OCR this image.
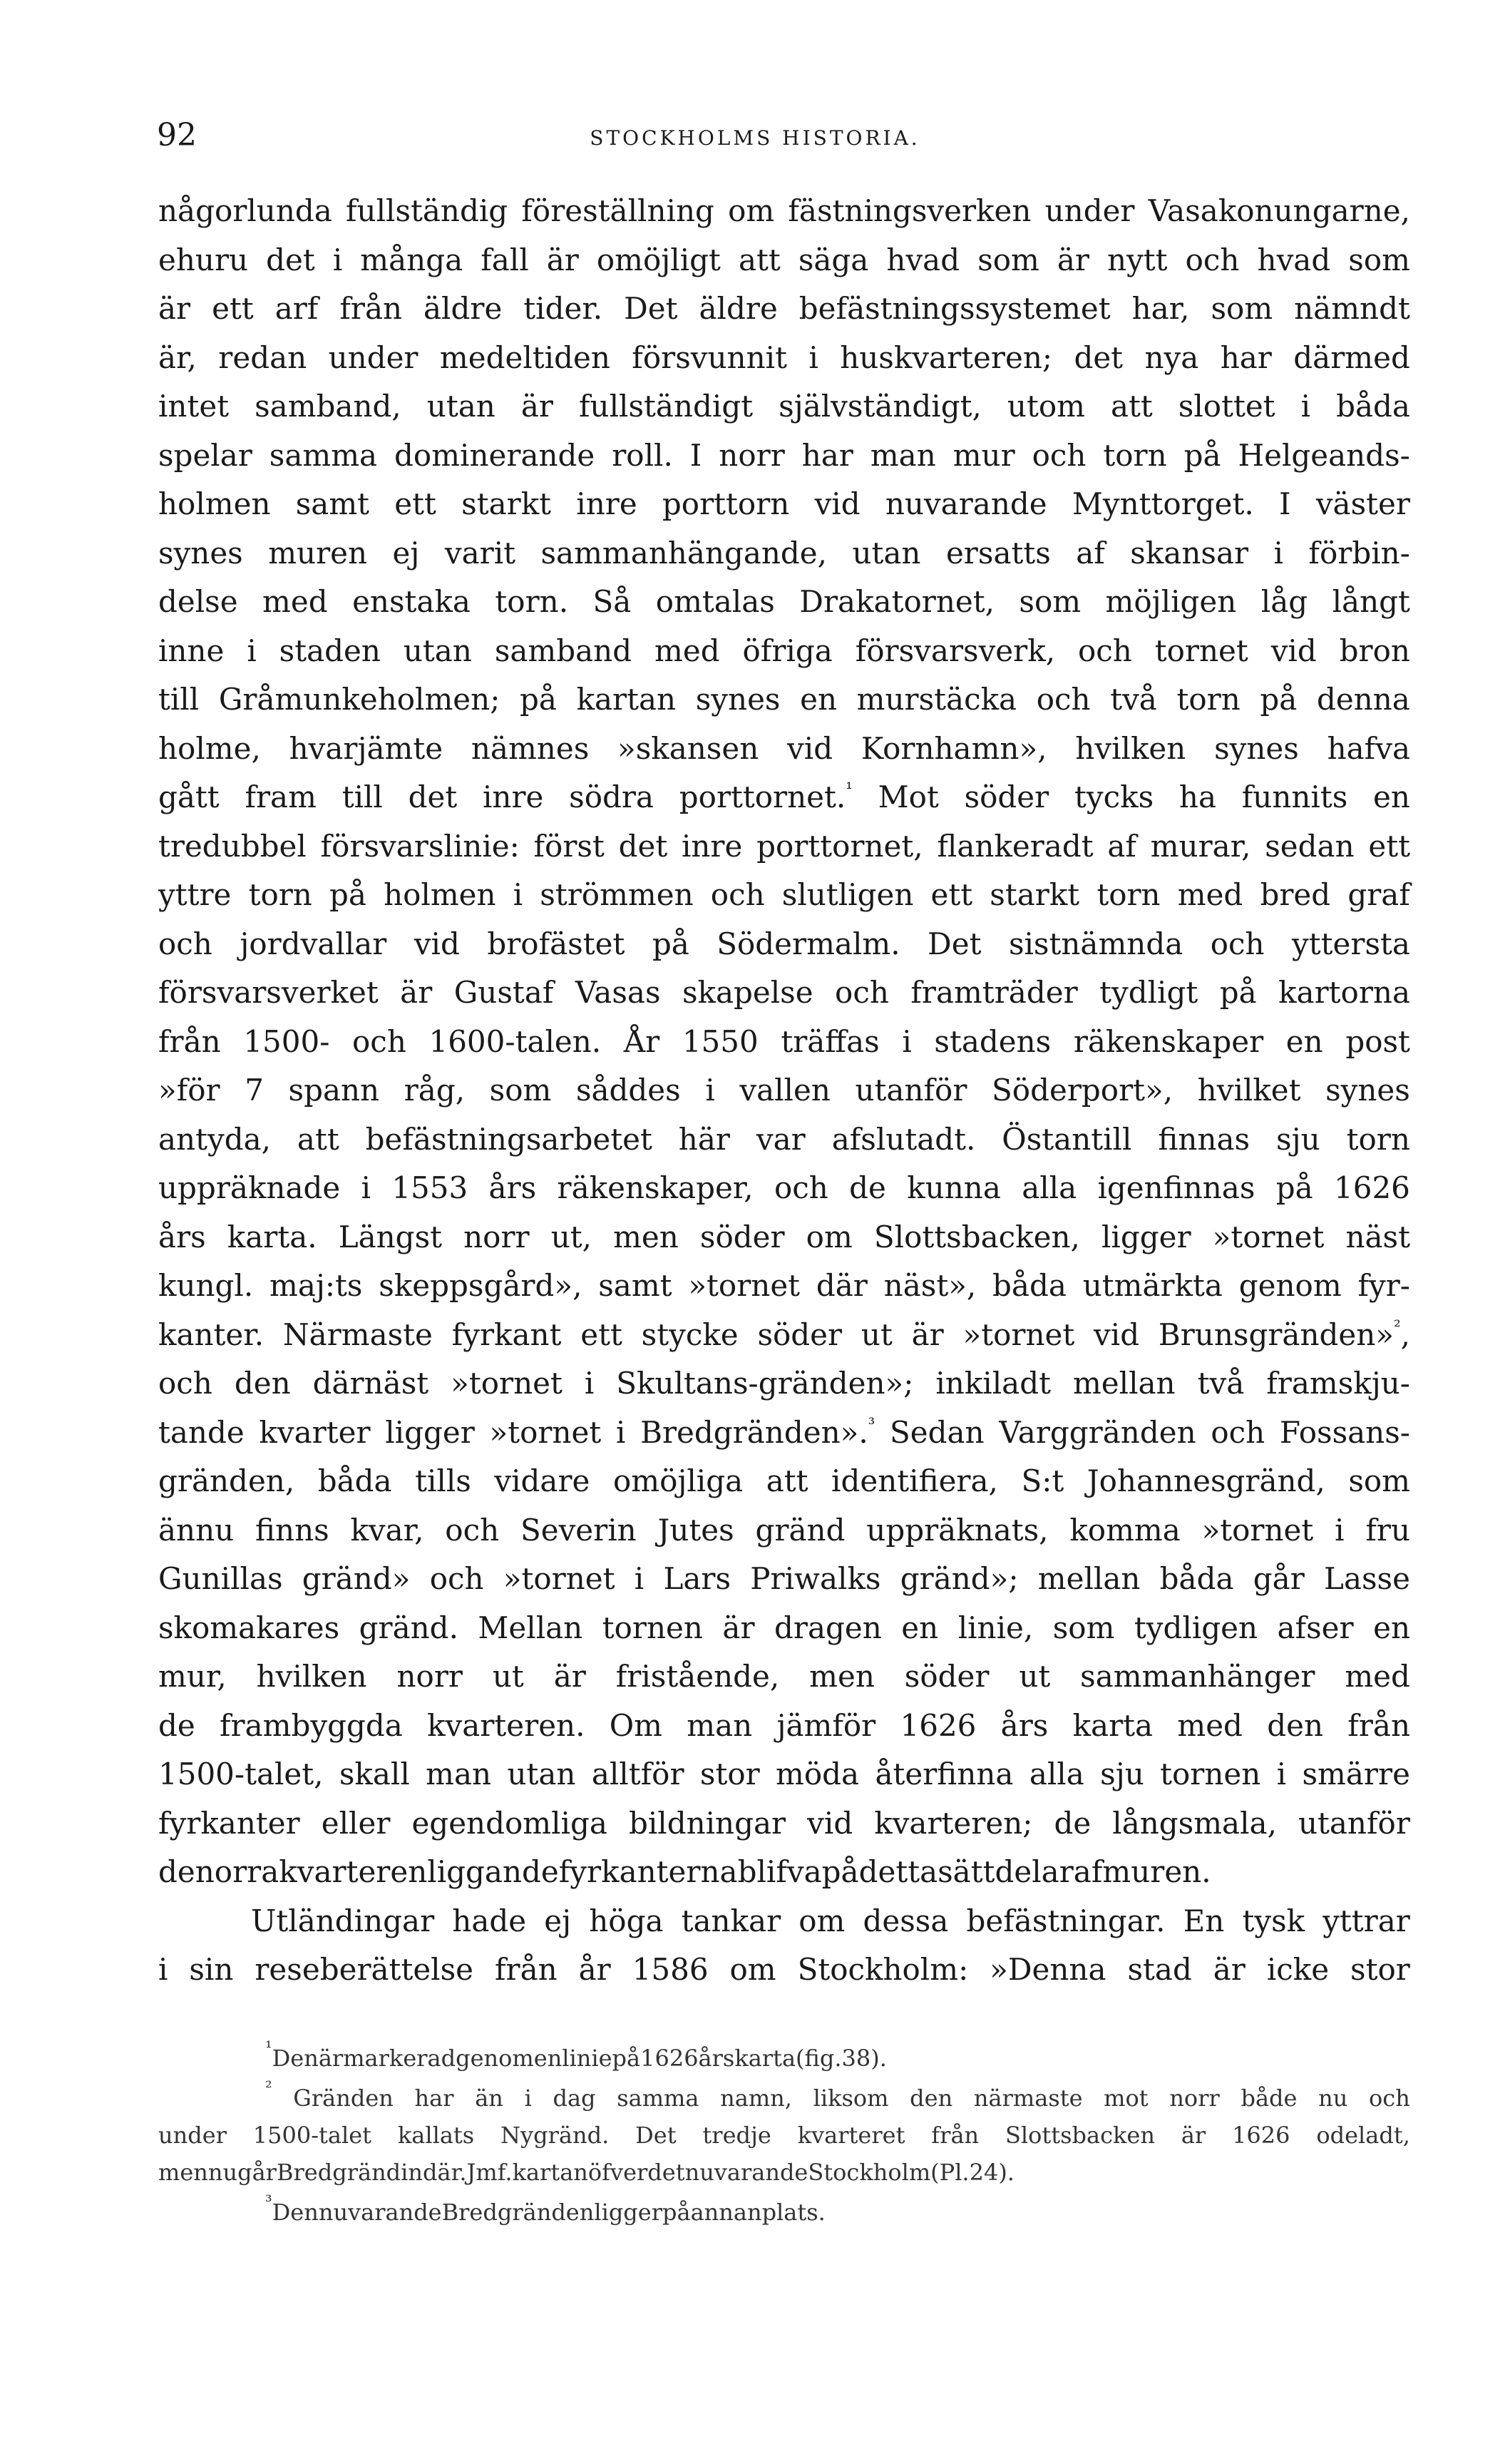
92	STOCKHOLMS HISTORIA.
någorlunda fullständig föreställning om fästningsverken under Vasakonungarne,
ehuru det i många fall är omöjligt att säga hvad som är nytt och hvad som
är ett arf från äldre tider. Det äldre befästningssystemet har, som nämndt
är, redan under medeltiden försvunnit i huskvarteren; det nya har därmed
intet samband, utan är fullständigt självständigt, utom att slottet i båda
spelar samma dominerande roll. I norr har man mur och torn på Helgeands-
holmen samt ett starkt inre porttorn vid nuvarande Mynttorget. I väster
synes muren ej varit sammanhängande, utan ersatts af skansar i förbin-
delse med enstaka torn. Så omtalas Drakatornet, som möjligen låg långt
inne i staden utan samband med öfriga försvarsverk, och tornet vid bron
till Gråmunkeholmen; på kartan synes en murstäcka och två torn på denna
holme, hvarjämte nämnes »skansen vid Kornhamn», hvilken synes hafva
gått fram till det inre södra porttornet.$^{^1}$ Mot söder tycks ha funnits en
tredubbel försvarslinie: först det inre porttornet, flankeradt af murar, sedan ett
yttre torn på holmen i strömmen och slutligen ett starkt torn med bred graf
och jordvallar vid brofästet på Södermalm. Det sistnämnda och yttersta
försvarsverket är Gustaf Vasas skapelse och framträder tydligt på kartorna
från 1500- och 1600-talen. År 1550 träffas i stadens räkenskaper en post
»för 7 spann råg, som såddes i vallen utanför Söderport», hvilket synes
antyda, att befästningsarbetet här var afslutadt. Östantill finnas sju torn
uppräknade i 1553 års räkenskaper, och de kunna alla igenfinnas på 1626
års karta. Längst norr ut, men söder om Slottsbacken, ligger »tornet näst
kungl. maj:ts skeppsgård», samt »tornet där näst», båda utmärkta genom fyr-
kanter. Närmaste fyrkant ett stycke söder ut är »tornet vid Brunsgränden»$^{^2}$,
och den därnäst »tornet i Skultans-gränden»; inkiladt mellan två framskju-
tande kvarter ligger »tornet i Bredgränden».$^{^3}$ Sedan Varggränden och Fossans-
gränden, båda tills vidare omöjliga att identifiera, S:t Johannesgränd, som
ännu finns kvar, och Severin Jutes gränd uppräknats, komma »tornet i fru
Gunillas gränd» och »tornet i Lars Priwalks gränd»; mellan båda går Lasse
skomakares gränd. Mellan tornen är dragen en linie, som tydligen afser en
mur, hvilken norr ut är fristående, men söder ut sammanhänger med
de frambyggda kvarteren. Om man jämför 1626 års karta med den från
1500-talet, skall man utan alltför stor möda återfinna alla sju tornen i smärre
fyrkanter eller egendomliga bildningar vid kvarteren; de långsmala, utanför
de norra kvarteren liggande fyrkanterna blifva på detta sätt delar af muren.
Utländingar hade ej höga tankar om dessa befästningar. En tysk yttrar
i sin reseberättelse från år 1586 om Stockholm: »Denna stad är icke stor
$^{^1}$ Den är markerad genom en linie på 1626 års karta (fig. 38).
$^{^2}$ Gränden har än i dag samma namn, liksom den närmaste mot norr både nu och
under 1500-talet kallats Nygränd. Det tredje kvarteret från Slottsbacken är 1626 odeladt,
men nu går Bredgränd in där. Jmf. kartan öfver det nuvarande Stockholm (Pl. 24).
$^{^3}$ Den nuvarande Bredgränden ligger på annan plats.
